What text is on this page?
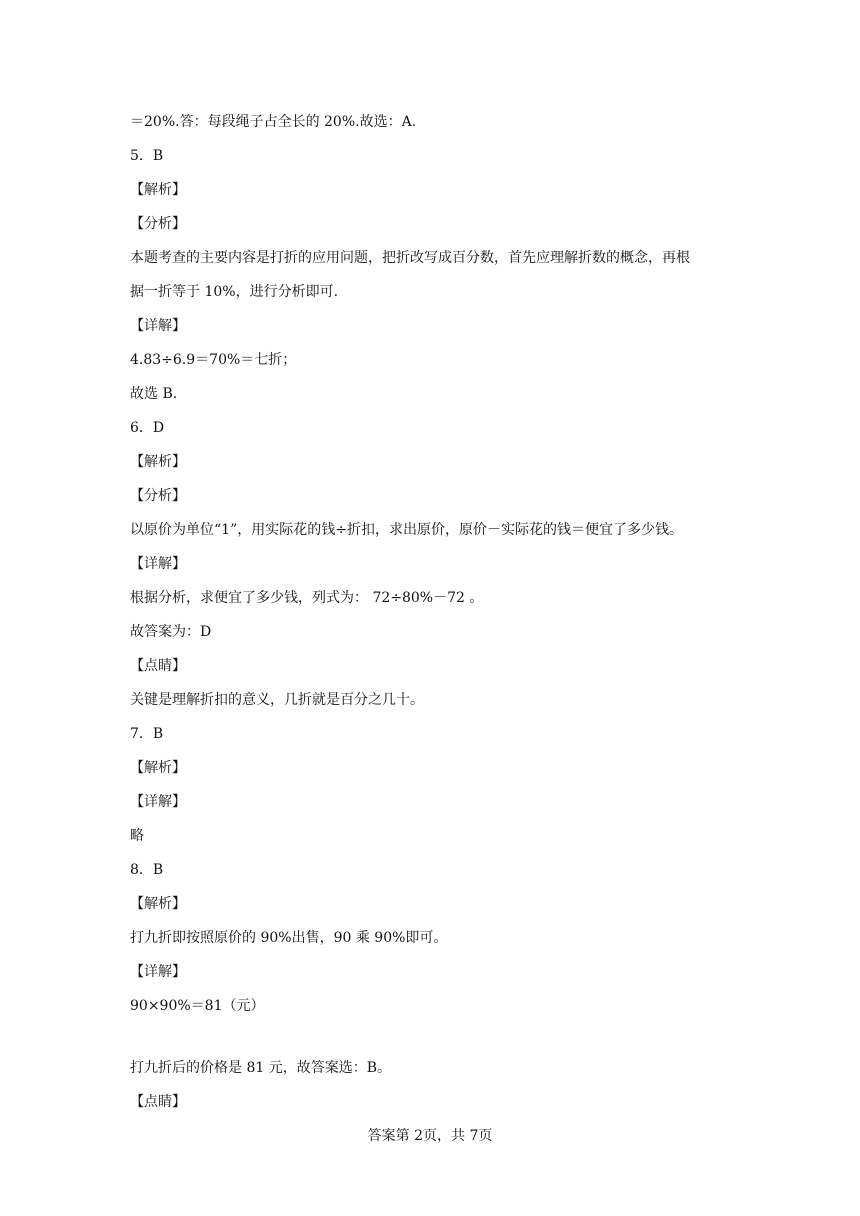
＝20%.答：每段绳子占全长的 20%.故选：A.
5．B
【解析】
【分析】
本题考查的主要内容是打折的应用问题，把折改写成百分数，首先应理解折数的概念，再根
据一折等于 10%，进行分析即可.
【详解】
4.83÷6.9＝70%＝七折；
故选 B.
6．D
【解析】
【分析】
以原价为单位“1”，用实际花的钱÷折扣，求出原价，原价－实际花的钱＝便宜了多少钱。
【详解】
根据分析，求便宜了多少钱，列式为： 72÷80%－72 。
故答案为：D
【点睛】
关键是理解折扣的意义，几折就是百分之几十。
7．B
【解析】
【详解】
略
8．B
【解析】
打九折即按照原价的 90%出售，90 乘 90%即可。
【详解】
90×90%＝81（元）
打九折后的价格是 81 元，故答案选：B。
【点睛】
答案第 2页，共 7页
